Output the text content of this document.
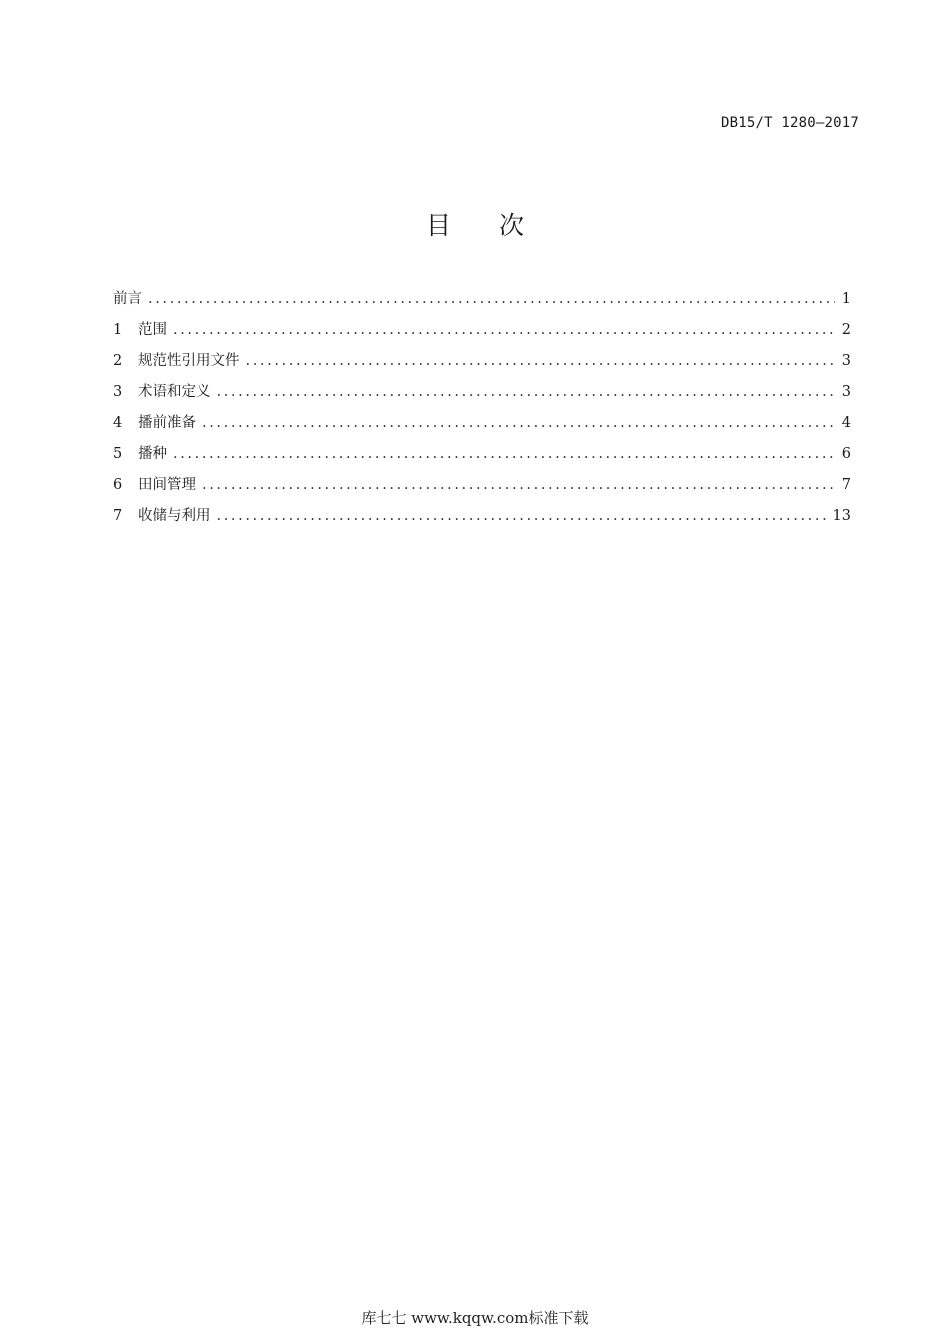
DB15/T 1280—2017
目次
前言 .....	1
1	范围 .....	2
2	规范性引用文件 .....	3
3	术语和定义 .....	3
4	播前准备 .....	4
5	播种 .....	6
6	田间管理 .....	7
7	收储与利用 .....	13
库七七 www.kqqw.com标准下载
